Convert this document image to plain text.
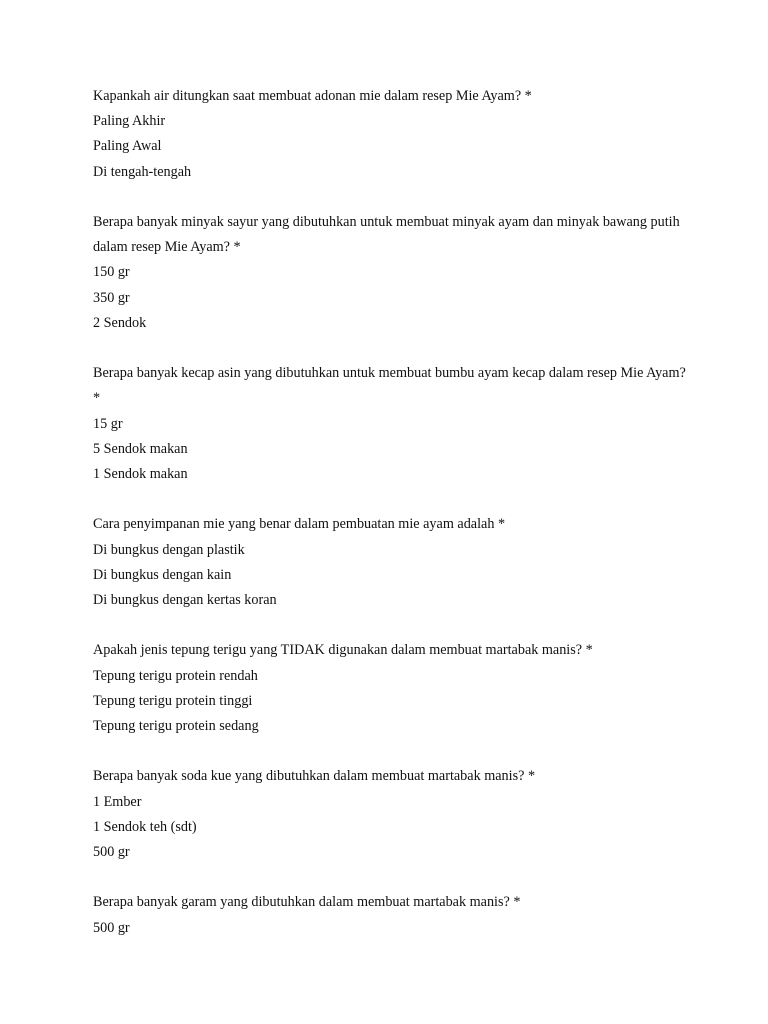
Kapankah air ditungkan saat membuat adonan mie dalam resep Mie Ayam? *
Paling Akhir
Paling Awal
Di tengah-tengah
Berapa banyak minyak sayur yang dibutuhkan untuk membuat minyak ayam dan minyak bawang putih dalam resep Mie Ayam? *
150 gr
350 gr
2 Sendok
Berapa banyak kecap asin yang dibutuhkan untuk membuat bumbu ayam kecap dalam resep Mie Ayam? *
15 gr
5 Sendok makan
1 Sendok makan
Cara penyimpanan mie yang benar dalam pembuatan mie ayam adalah *
Di bungkus dengan plastik
Di bungkus dengan kain
Di bungkus dengan kertas koran
Apakah jenis tepung terigu yang TIDAK digunakan dalam membuat martabak manis? *
Tepung terigu protein rendah
Tepung terigu protein tinggi
Tepung terigu protein sedang
Berapa banyak soda kue yang dibutuhkan dalam membuat martabak manis? *
1 Ember
1 Sendok teh (sdt)
500 gr
Berapa banyak garam yang dibutuhkan dalam membuat martabak manis? *
500 gr
